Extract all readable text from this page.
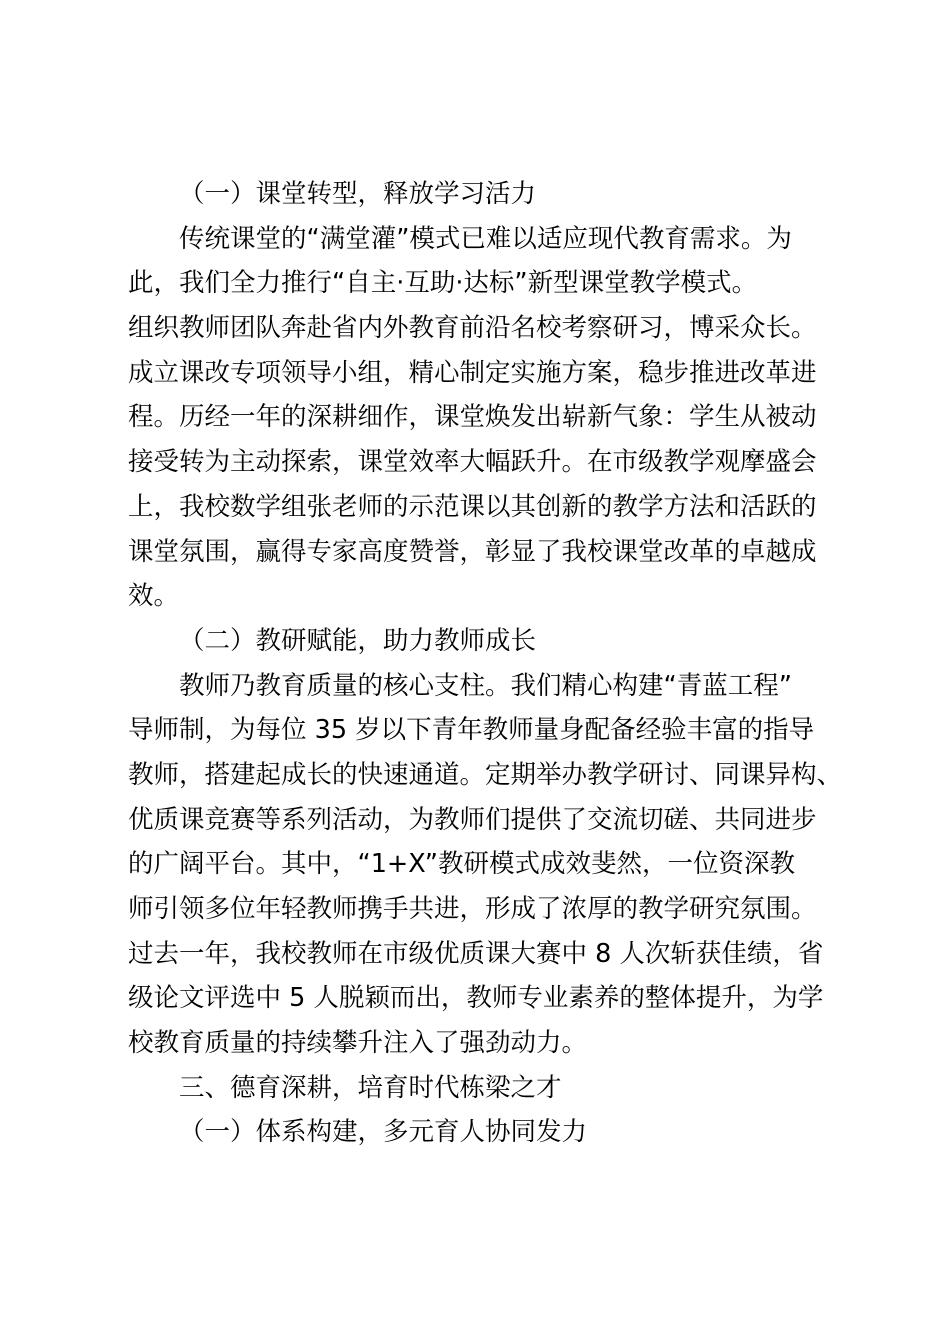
（一）课堂转型，释放学习活力

传统课堂的“满堂灌”模式已难以适应现代教育需求。为

此，我们全力推行“自主·互助·达标”新型课堂教学模式。

组织教师团队奔赴省内外教育前沿名校考察研习，博采众长。

成立课改专项领导小组，精心制定实施方案，稳步推进改革进

程。历经一年的深耕细作，课堂焕发出崭新气象：学生从被动

接受转为主动探索，课堂效率大幅跃升。在市级教学观摩盛会

上，我校数学组张老师的示范课以其创新的教学方法和活跃的

课堂氛围，赢得专家高度赞誉，彰显了我校课堂改革的卓越成

效。

（二）教研赋能，助力教师成长

教师乃教育质量的核心支柱。我们精心构建“青蓝工程”

导师制，为每位 35 岁以下青年教师量身配备经验丰富的指导

教师，搭建起成长的快速通道。定期举办教学研讨、同课异构、

优质课竞赛等系列活动，为教师们提供了交流切磋、共同进步

的广阔平台。其中，“1+X”教研模式成效斐然，一位资深教

师引领多位年轻教师携手共进，形成了浓厚的教学研究氛围。

过去一年，我校教师在市级优质课大赛中 8 人次斩获佳绩，省

级论文评选中 5 人脱颖而出，教师专业素养的整体提升，为学

校教育质量的持续攀升注入了强劲动力。

三、德育深耕，培育时代栋梁之才

（一）体系构建，多元育人协同发力
